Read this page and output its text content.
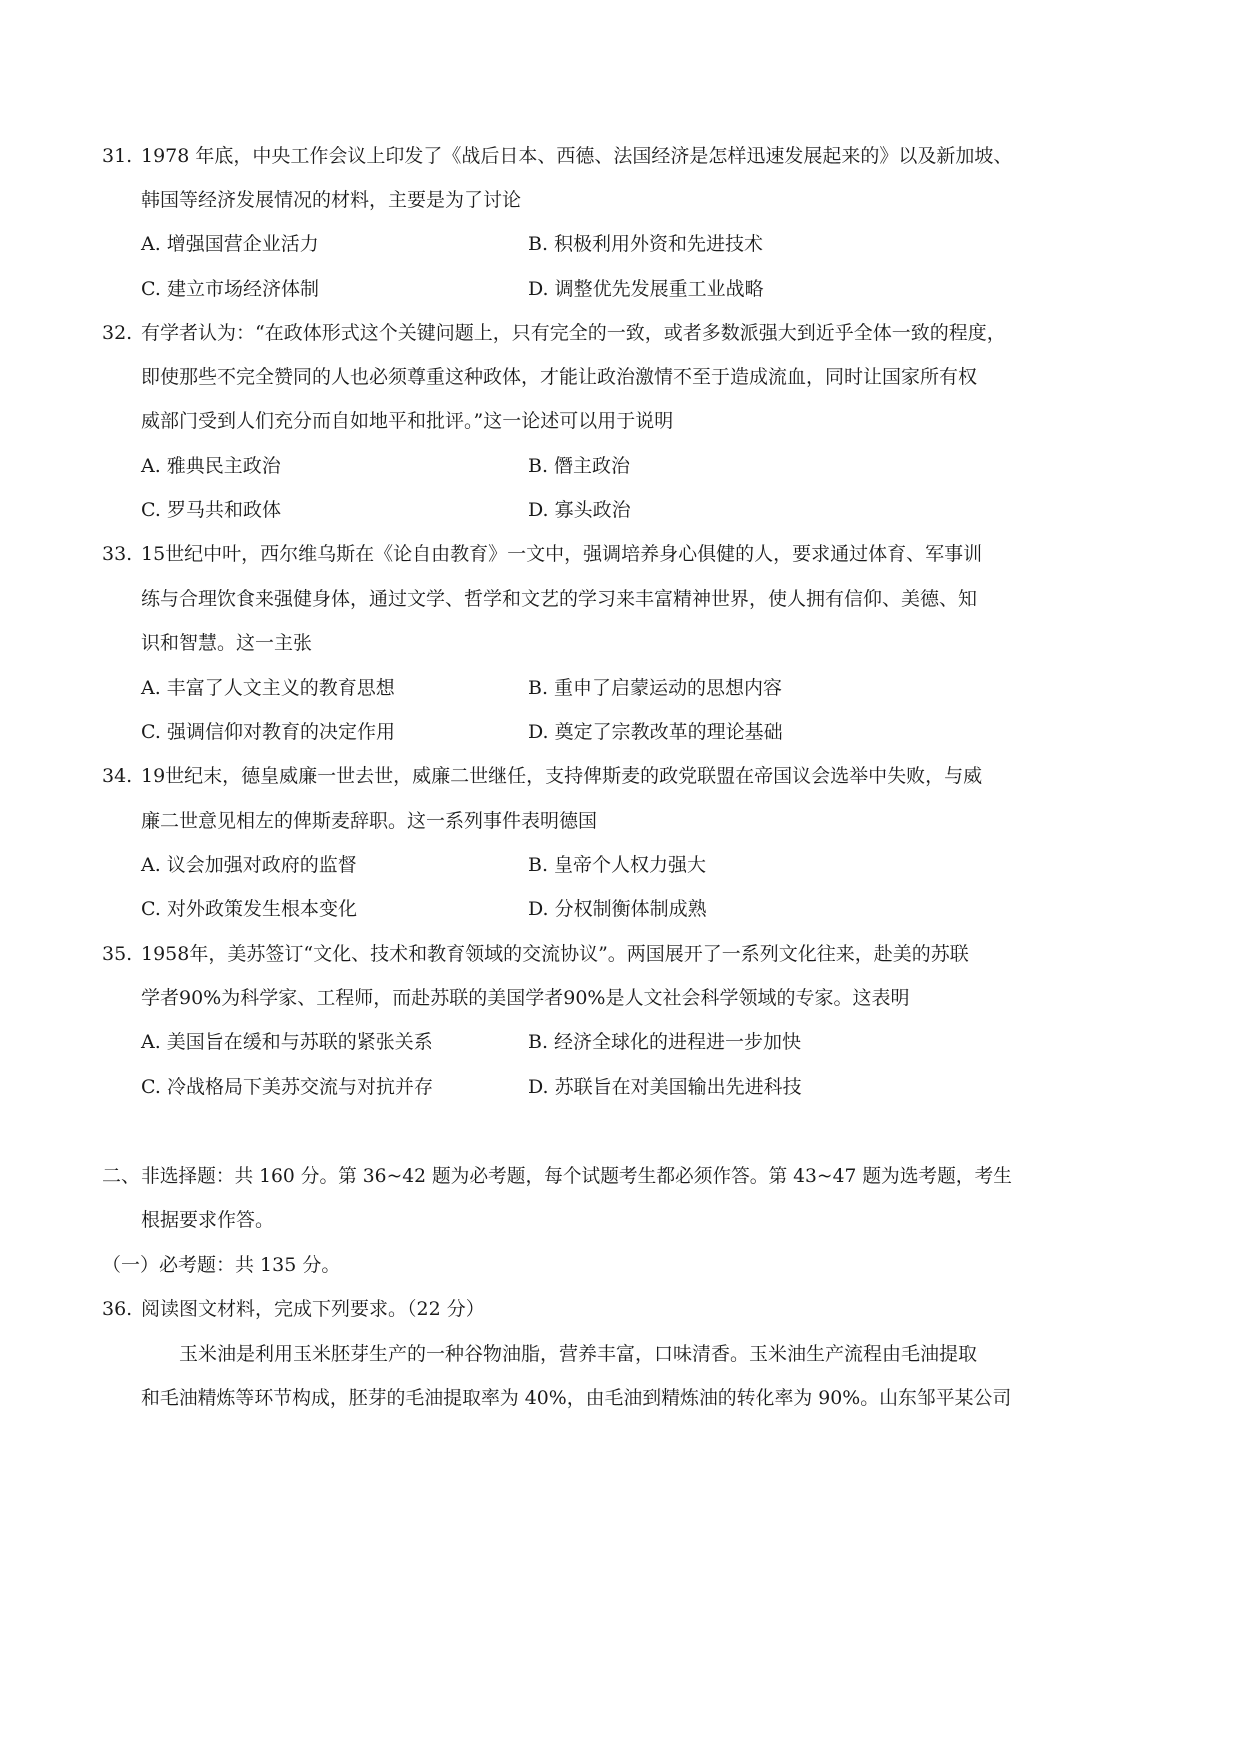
31. 1978 年底，中央工作会议上印发了《战后日本、西德、法国经济是怎样迅速发展起来的》以及新加坡、
韩国等经济发展情况的材料，主要是为了讨论
A. 增强国营企业活力	B. 积极利用外资和先进技术
C. 建立市场经济体制	D. 调整优先发展重工业战略
32. 有学者认为：“在政体形式这个关键问题上，只有完全的一致，或者多数派强大到近乎全体一致的程度，
即使那些不完全赞同的人也必须尊重这种政体，才能让政治激情不至于造成流血，同时让国家所有权
威部门受到人们充分而自如地平和批评。”这一论述可以用于说明
A. 雅典民主政治	B. 僭主政治
C. 罗马共和政体	D. 寡头政治
33. 15世纪中叶，西尔维乌斯在《论自由教育》一文中，强调培养身心俱健的人，要求通过体育、军事训
练与合理饮食来强健身体，通过文学、哲学和文艺的学习来丰富精神世界，使人拥有信仰、美德、知
识和智慧。这一主张
A. 丰富了人文主义的教育思想	B. 重申了启蒙运动的思想内容
C. 强调信仰对教育的决定作用	D. 奠定了宗教改革的理论基础
34. 19世纪末，德皇威廉一世去世，威廉二世继任，支持俾斯麦的政党联盟在帝国议会选举中失败，与威
廉二世意见相左的俾斯麦辞职。这一系列事件表明德国
A. 议会加强对政府的监督	B. 皇帝个人权力强大
C. 对外政策发生根本变化	D. 分权制衡体制成熟
35. 1958年，美苏签订“文化、技术和教育领域的交流协议”。两国展开了一系列文化往来，赴美的苏联
学者90%为科学家、工程师，而赴苏联的美国学者90%是人文社会科学领域的专家。这表明
A. 美国旨在缓和与苏联的紧张关系	B. 经济全球化的进程进一步加快
C. 冷战格局下美苏交流与对抗并存	D. 苏联旨在对美国输出先进科技
二、 非选择题：共 160 分。第 36~42 题为必考题，每个试题考生都必须作答。第 43~47 题为选考题，考生
根据要求作答。
（一）必考题：共 135 分。
36. 阅读图文材料，完成下列要求。（22 分）
玉米油是利用玉米胚芽生产的一种谷物油脂，营养丰富，口味清香。玉米油生产流程由毛油提取
和毛油精炼等环节构成，胚芽的毛油提取率为 40%，由毛油到精炼油的转化率为 90%。山东邹平某公司
